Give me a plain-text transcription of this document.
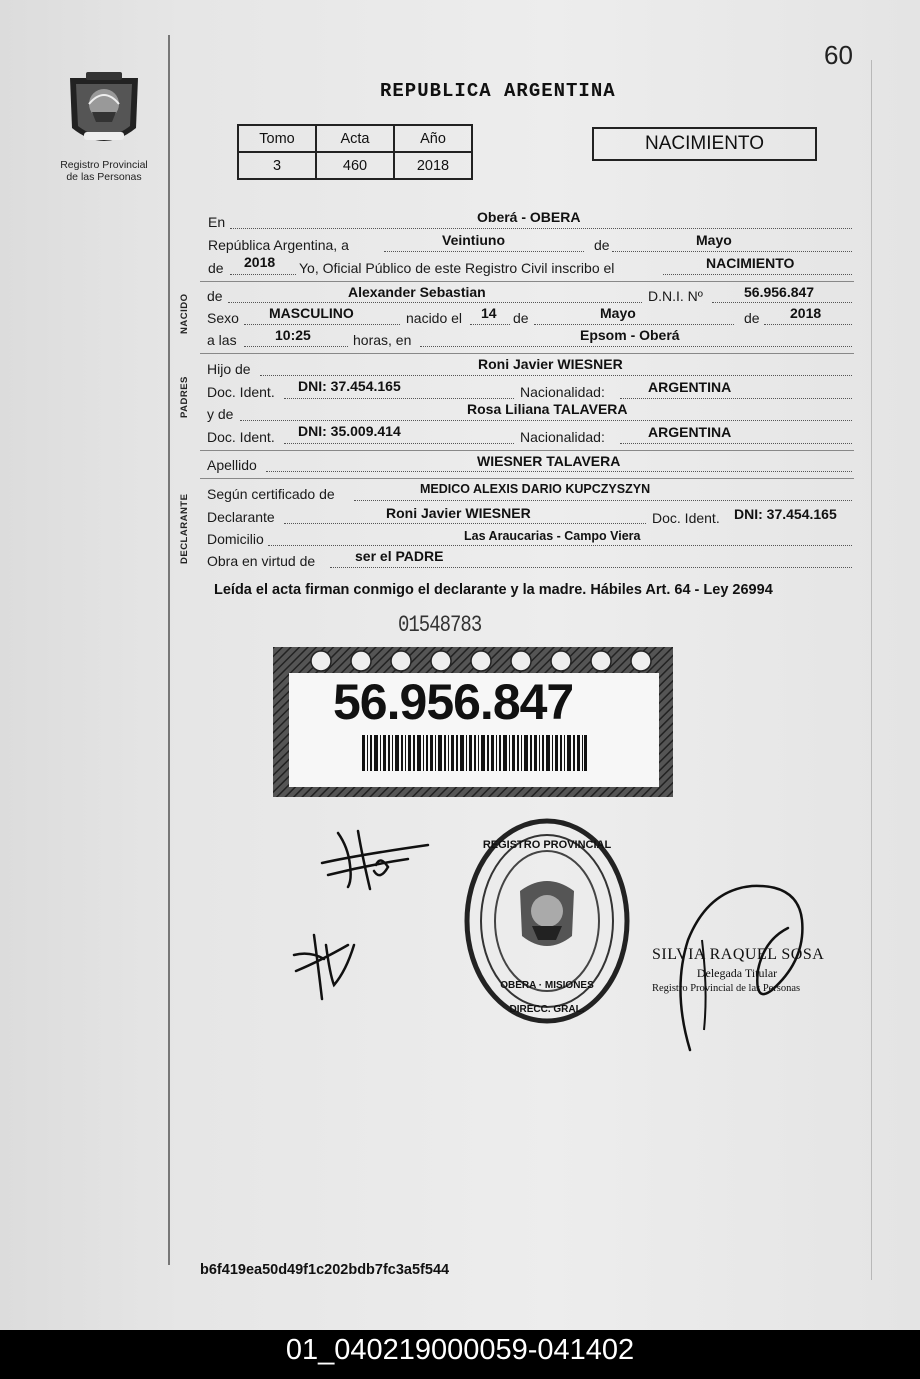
60
Registro Provincial
de las Personas
REPUBLICA ARGENTINA
Tomo	Acta	Año
3	460	2018
NACIMIENTO
En	Oberá - OBERA
República Argentina, a	Veintiuno	de	Mayo
de 2018 Yo, Oficial Público de este Registro Civil inscribo el	NACIMIENTO
NACIDO de	Alexander Sebastian	D.N.I. Nº	56.956.847
Sexo MASCULINO	nacido el 14 de	Mayo	de 2018
a las	10:25	horas, en	Epsom - Oberá
PADRES
Hijo de	Roni Javier WIESNER
Doc. Ident. DNI: 37.454.165	Nacionalidad:	ARGENTINA
y de	Rosa Liliana TALAVERA
Doc. Ident. DNI: 35.009.414	Nacionalidad:	ARGENTINA
Apellido	WIESNER TALAVERA
DECLARANTE Según certificado de	MEDICO ALEXIS DARIO KUPCZYSZYN
Declarante	Roni Javier WIESNER	Doc. Ident. DNI: 37.454.165
Domicilio	Las Araucarias - Campo Viera
Obra en virtud de	ser el PADRE
Leída el acta firman conmigo el declarante y la madre. Hábiles Art. 64 - Ley 26994
01548783
56.956.847
REGISTRO PROVINCIAL
OBERA · MISIONES
DIRECC. GRAL.
SILVIA RAQUEL SOSA
Delegada Titular
Registro Provincial de las Personas
b6f419ea50d49f1c202bdb7fc3a5f544
01_040219000059-041402
